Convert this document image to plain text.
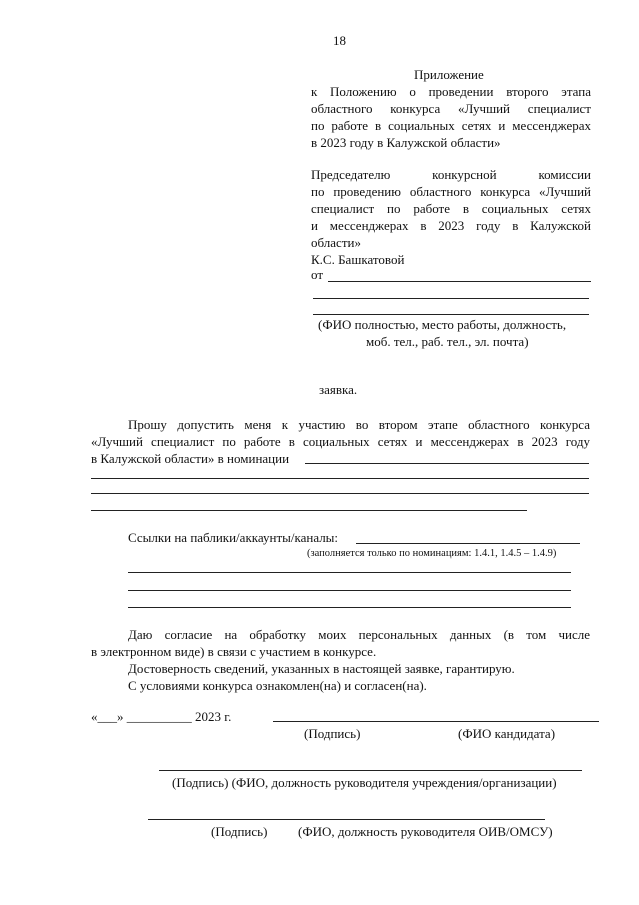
18
Приложение
к Положению о проведении второго этапа
областного конкурса «Лучший специалист
по работе в социальных сетях и мессенджерах
в 2023 году в Калужской области»
Председателю конкурсной комиссии
по проведению областного конкурса «Лучший
специалист по работе в социальных сетях
и мессенджерах в 2023 году в Калужской
области»
К.С. Башкатовой
от
(ФИО полностью, место работы, должность,
моб. тел., раб. тел., эл. почта)
заявка.
Прошу допустить меня к участию во втором этапе областного конкурса
«Лучший специалист по работе в социальных сетях и мессенджерах в 2023 году
в Калужской области» в номинации
Ссылки на паблики/аккаунты/каналы:
(заполняется только по номинациям: 1.4.1, 1.4.5 – 1.4.9)
Даю согласие на обработку моих персональных данных (в том числе
в электронном виде) в связи с участием в конкурсе.
Достоверность сведений, указанных в настоящей заявке, гарантирую.
С условиями конкурса ознакомлен(на) и согласен(на).
«___» __________ 2023 г.
(Подпись)	(ФИО кандидата)
(Подпись) (ФИО, должность руководителя учреждения/организации)
(Подпись) (ФИО, должность руководителя ОИВ/ОМСУ)
